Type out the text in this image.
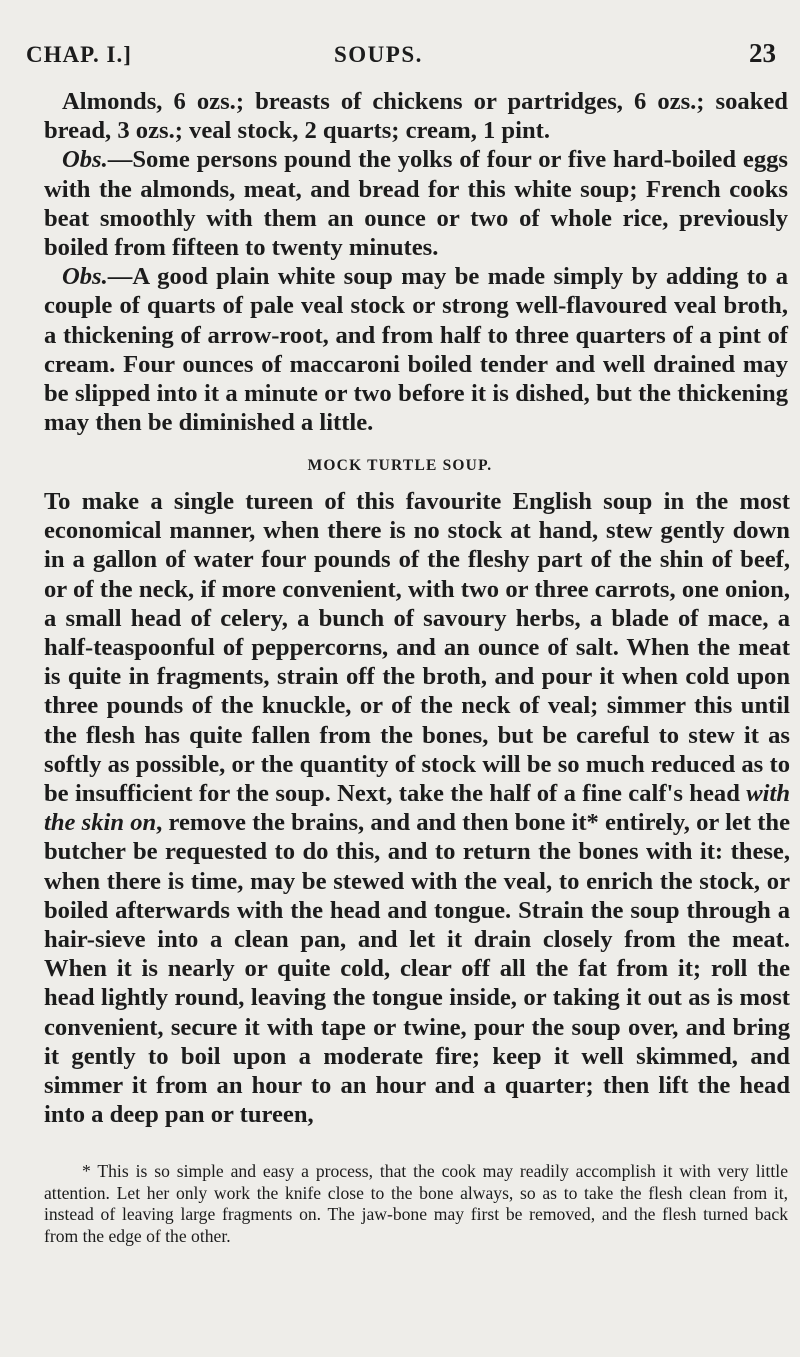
CHAP. I.]	SOUPS.	23

Almonds, 6 ozs.; breasts of chickens or partridges, 6 ozs.; soaked bread, 3 ozs.; veal stock, 2 quarts; cream, 1 pint.

Obs.—Some persons pound the yolks of four or five hard-boiled eggs with the almonds, meat, and bread for this white soup; French cooks beat smoothly with them an ounce or two of whole rice, previously boiled from fifteen to twenty minutes.

Obs.—A good plain white soup may be made simply by adding to a couple of quarts of pale veal stock or strong well-flavoured veal broth, a thickening of arrow-root, and from half to three quarters of a pint of cream. Four ounces of maccaroni boiled tender and well drained may be slipped into it a minute or two before it is dished, but the thickening may then be diminished a little.

MOCK TURTLE SOUP.

To make a single tureen of this favourite English soup in the most economical manner, when there is no stock at hand, stew gently down in a gallon of water four pounds of the fleshy part of the shin of beef, or of the neck, if more convenient, with two or three carrots, one onion, a small head of celery, a bunch of savoury herbs, a blade of mace, a half-teaspoonful of peppercorns, and an ounce of salt. When the meat is quite in fragments, strain off the broth, and pour it when cold upon three pounds of the knuckle, or of the neck of veal; simmer this until the flesh has quite fallen from the bones, but be careful to stew it as softly as possible, or the quantity of stock will be so much reduced as to be insufficient for the soup. Next, take the half of a fine calf's head with the skin on, remove the brains, and and then bone it* entirely, or let the butcher be requested to do this, and to return the bones with it: these, when there is time, may be stewed with the veal, to enrich the stock, or boiled afterwards with the head and tongue. Strain the soup through a hair-sieve into a clean pan, and let it drain closely from the meat. When it is nearly or quite cold, clear off all the fat from it; roll the head lightly round, leaving the tongue inside, or taking it out as is most convenient, secure it with tape or twine, pour the soup over, and bring it gently to boil upon a moderate fire; keep it well skimmed, and simmer it from an hour to an hour and a quarter; then lift the head into a deep pan or tureen,

* This is so simple and easy a process, that the cook may readily accomplish it with very little attention. Let her only work the knife close to the bone always, so as to take the flesh clean from it, instead of leaving large fragments on. The jaw-bone may first be removed, and the flesh turned back from the edge of the other.
